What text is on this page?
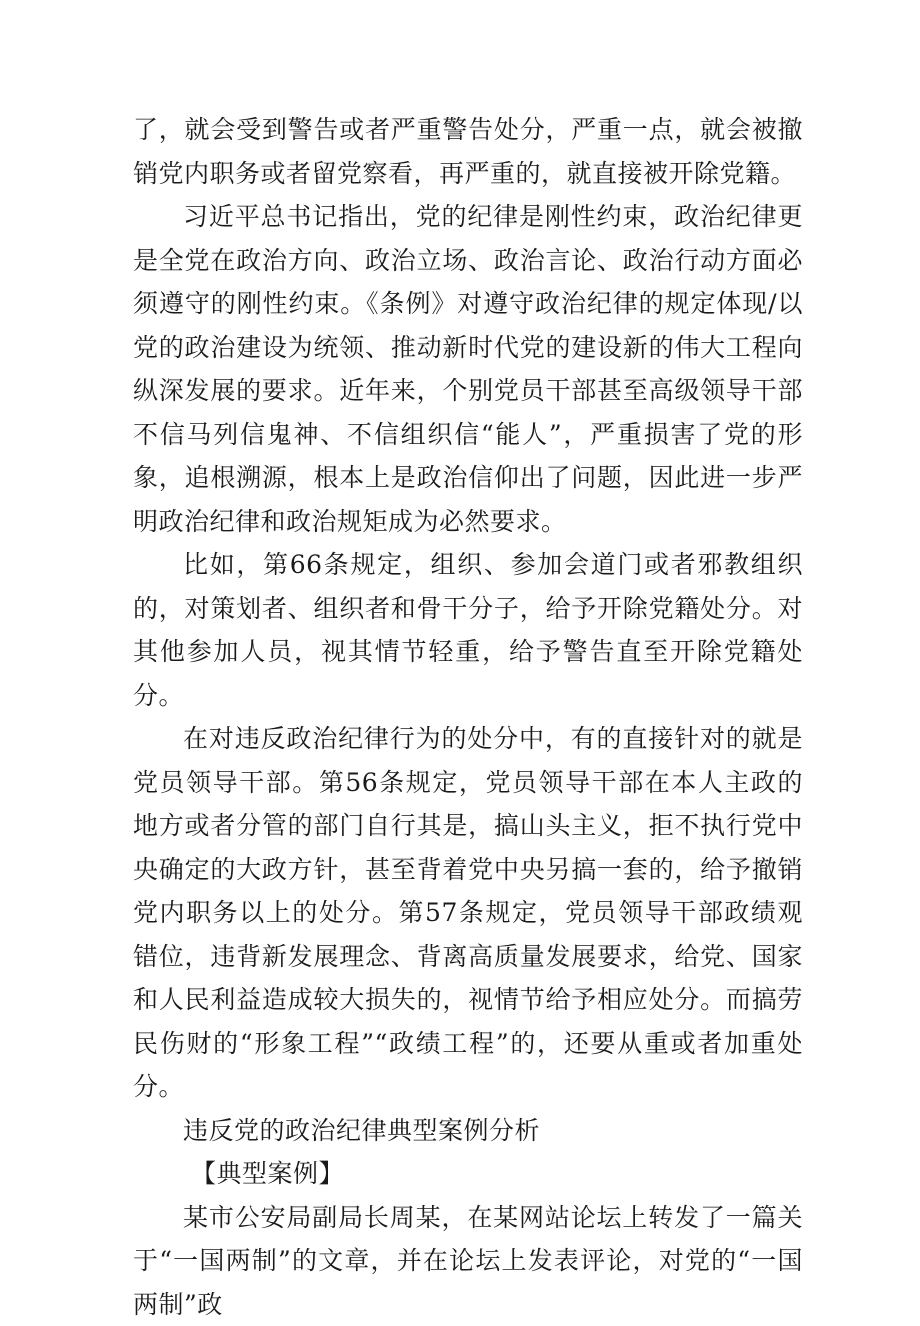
了，就会受到警告或者严重警告处分，严重一点，就会被撤销党内职务或者留党察看，再严重的，就直接被开除党籍。

习近平总书记指出，党的纪律是刚性约束，政治纪律更是全党在政治方向、政治立场、政治言论、政治行动方面必须遵守的刚性约束。《条例》对遵守政治纪律的规定体现/以党的政治建设为统领、推动新时代党的建设新的伟大工程向纵深发展的要求。近年来，个别党员干部甚至高级领导干部不信马列信鬼神、不信组织信“能人”，严重损害了党的形象，追根溯源，根本上是政治信仰出了问题，因此进一步严明政治纪律和政治规矩成为必然要求。

比如，第66条规定，组织、参加会道门或者邪教组织的，对策划者、组织者和骨干分子，给予开除党籍处分。对其他参加人员，视其情节轻重，给予警告直至开除党籍处分。

在对违反政治纪律行为的处分中，有的直接针对的就是党员领导干部。第56条规定，党员领导干部在本人主政的地方或者分管的部门自行其是，搞山头主义，拒不执行党中央确定的大政方针，甚至背着党中央另搞一套的，给予撤销党内职务以上的处分。第57条规定，党员领导干部政绩观错位，违背新发展理念、背离高质量发展要求，给党、国家和人民利益造成较大损失的，视情节给予相应处分。而搞劳民伤财的“形象工程”“政绩工程”的，还要从重或者加重处分。

违反党的政治纪律典型案例分析

【典型案例】

某市公安局副局长周某，在某网站论坛上转发了一篇关于“一国两制”的文章，并在论坛上发表评论，对党的“一国两制”政
